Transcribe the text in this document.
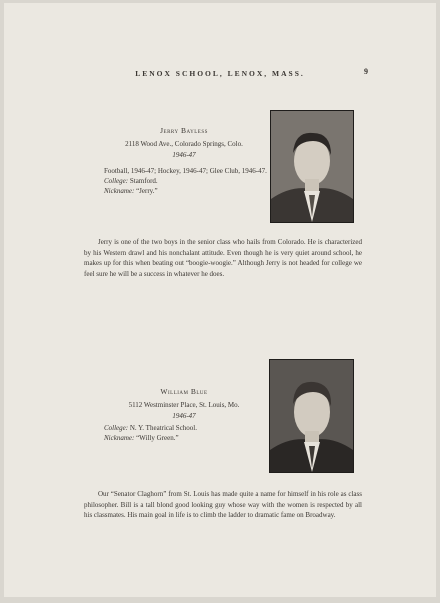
LENOX SCHOOL, LENOX, MASS.	9
Jerry Bayless
2118 Wood Ave., Colorado Springs, Colo.
1946-47
Football, 1946-47; Hockey, 1946-47; Glee Club, 1946-47.
College: Stamford.
Nickname: “Jerry.”
Jerry is one of the two boys in the senior class who hails from Colorado. He is characterized by his Western drawl and his nonchalant attitude. Even though he is very quiet around school, he makes up for this when beating out “boogie-woogie.” Although Jerry is not headed for college we feel sure he will be a success in whatever he does.
William Blue
5112 Westminster Place, St. Louis, Mo.
1946-47
College: N. Y. Theatrical School.
Nickname: “Willy Green.”
Our “Senator Claghorn” from St. Louis has made quite a name for himself in his role as class philosopher. Bill is a tall blond good looking guy whose way with the women is respected by all his classmates. His main goal in life is to climb the ladder to dramatic fame on Broadway.
